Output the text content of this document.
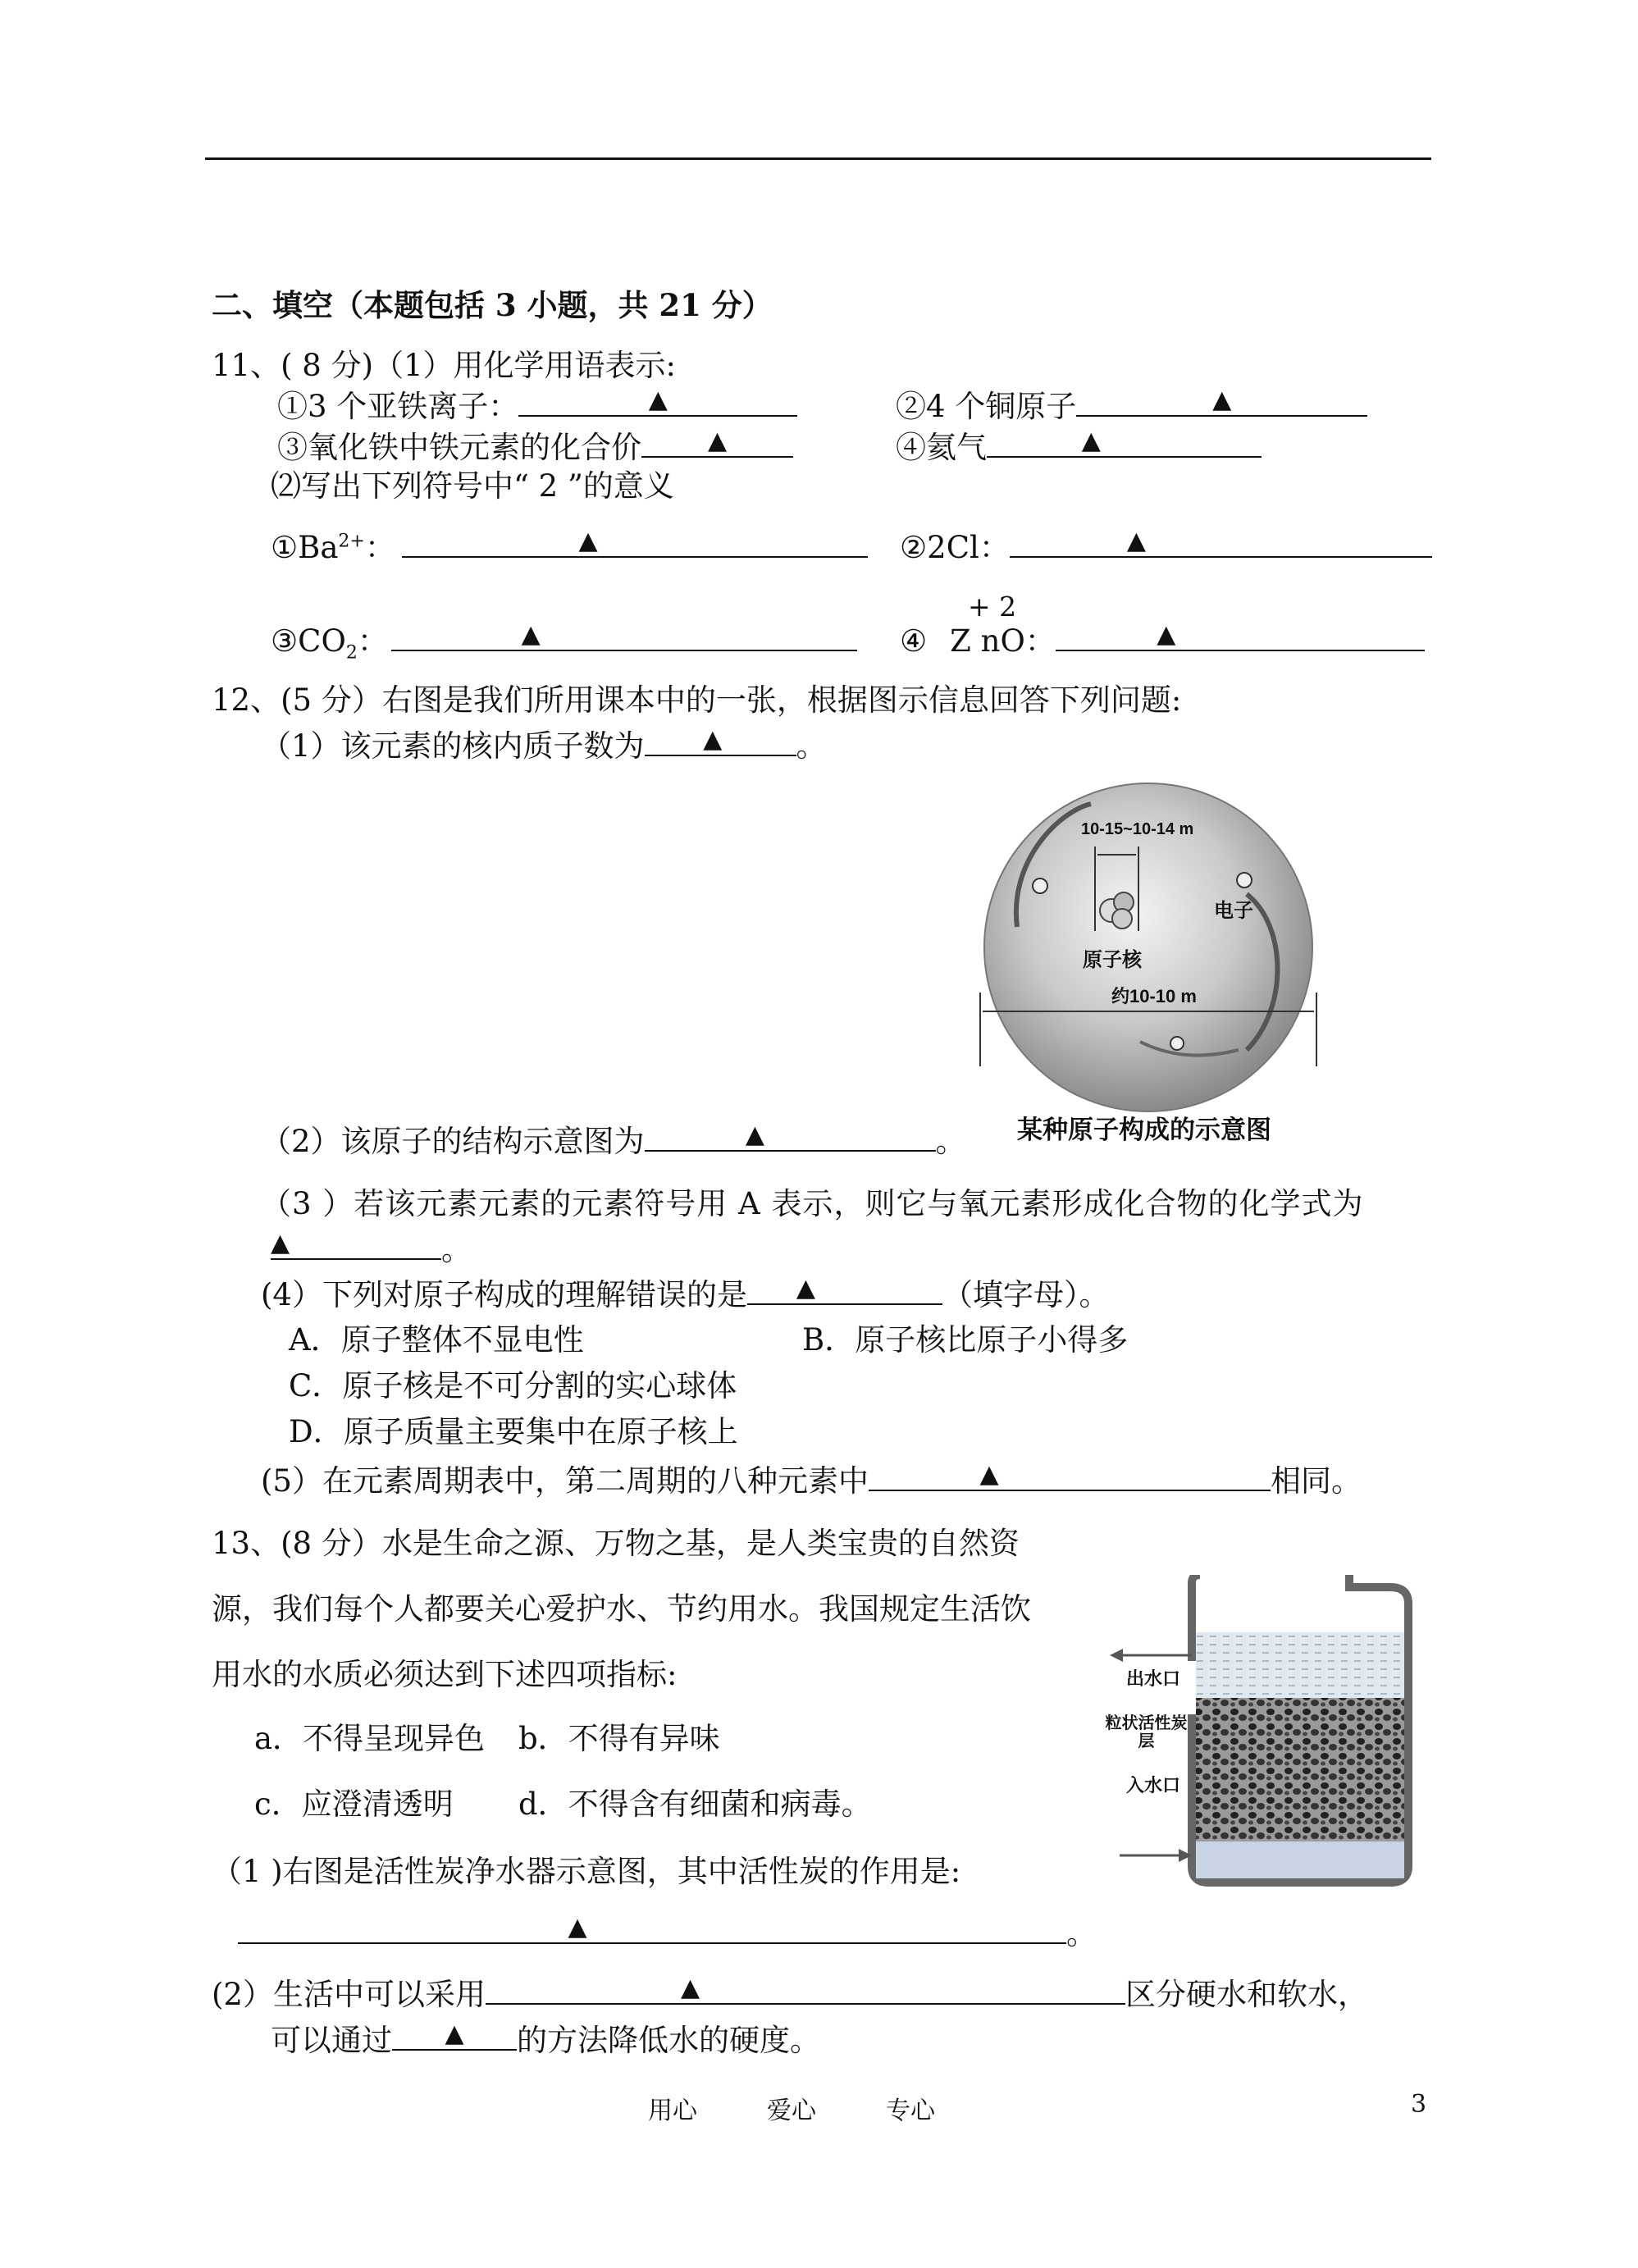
二、填空（本题包括 3 小题，共 21 分）
11、( 8 分)（1）用化学用语表示:
①3 个亚铁离子：	▲	②4 个铜原子	▲
③氧化铁中铁元素的化合价	▲	④氦气	▲
⑵写出下列符号中“ 2 ”的意义
$①Ba^{2+}$：	▲	②2Cl：	▲
+ 2
$③CO_2$：	▲	④ Z nO：	▲
12、(5 分）右图是我们所用课本中的一张，根据图示信息回答下列问题:
（1）该元素的核内质子数为 ▲ 。
10-15~10-14 m
电子
原子核
约10-10 m
（2）该原子的结构示意图为	▲	。 某种原子构成的示意图
（3 ）若该元素元素的元素符号用 A 表示，则它与氧元素形成化合物的化学式为
▲	。
(4）下列对原子构成的理解错误的是 ▲	（填字母）。
A．原子整体不显电性	B．原子核比原子小得多
C．原子核是不可分割的实心球体
D．原子质量主要集中在原子核上
(5）在元素周期表中，第二周期的八种元素中	▲	相同。
13、(8 分）水是生命之源、万物之基，是人类宝贵的自然资
源，我们每个人都要关心爱护水、节约用水。我国规定生活饮
用水的水质必须达到下述四项指标:
a．不得呈现异色 b．不得有异味
c．应澄清透明 d．不得含有细菌和病毒。
出水口
粒状活性炭层
入水口
（1 )右图是活性炭净水器示意图，其中活性炭的作用是:
▲	。
(2）生活中可以采用	▲	区分硬水和软水，
可以通过 ▲ 的方法降低水的硬度。
用心	爱心	专心	3
